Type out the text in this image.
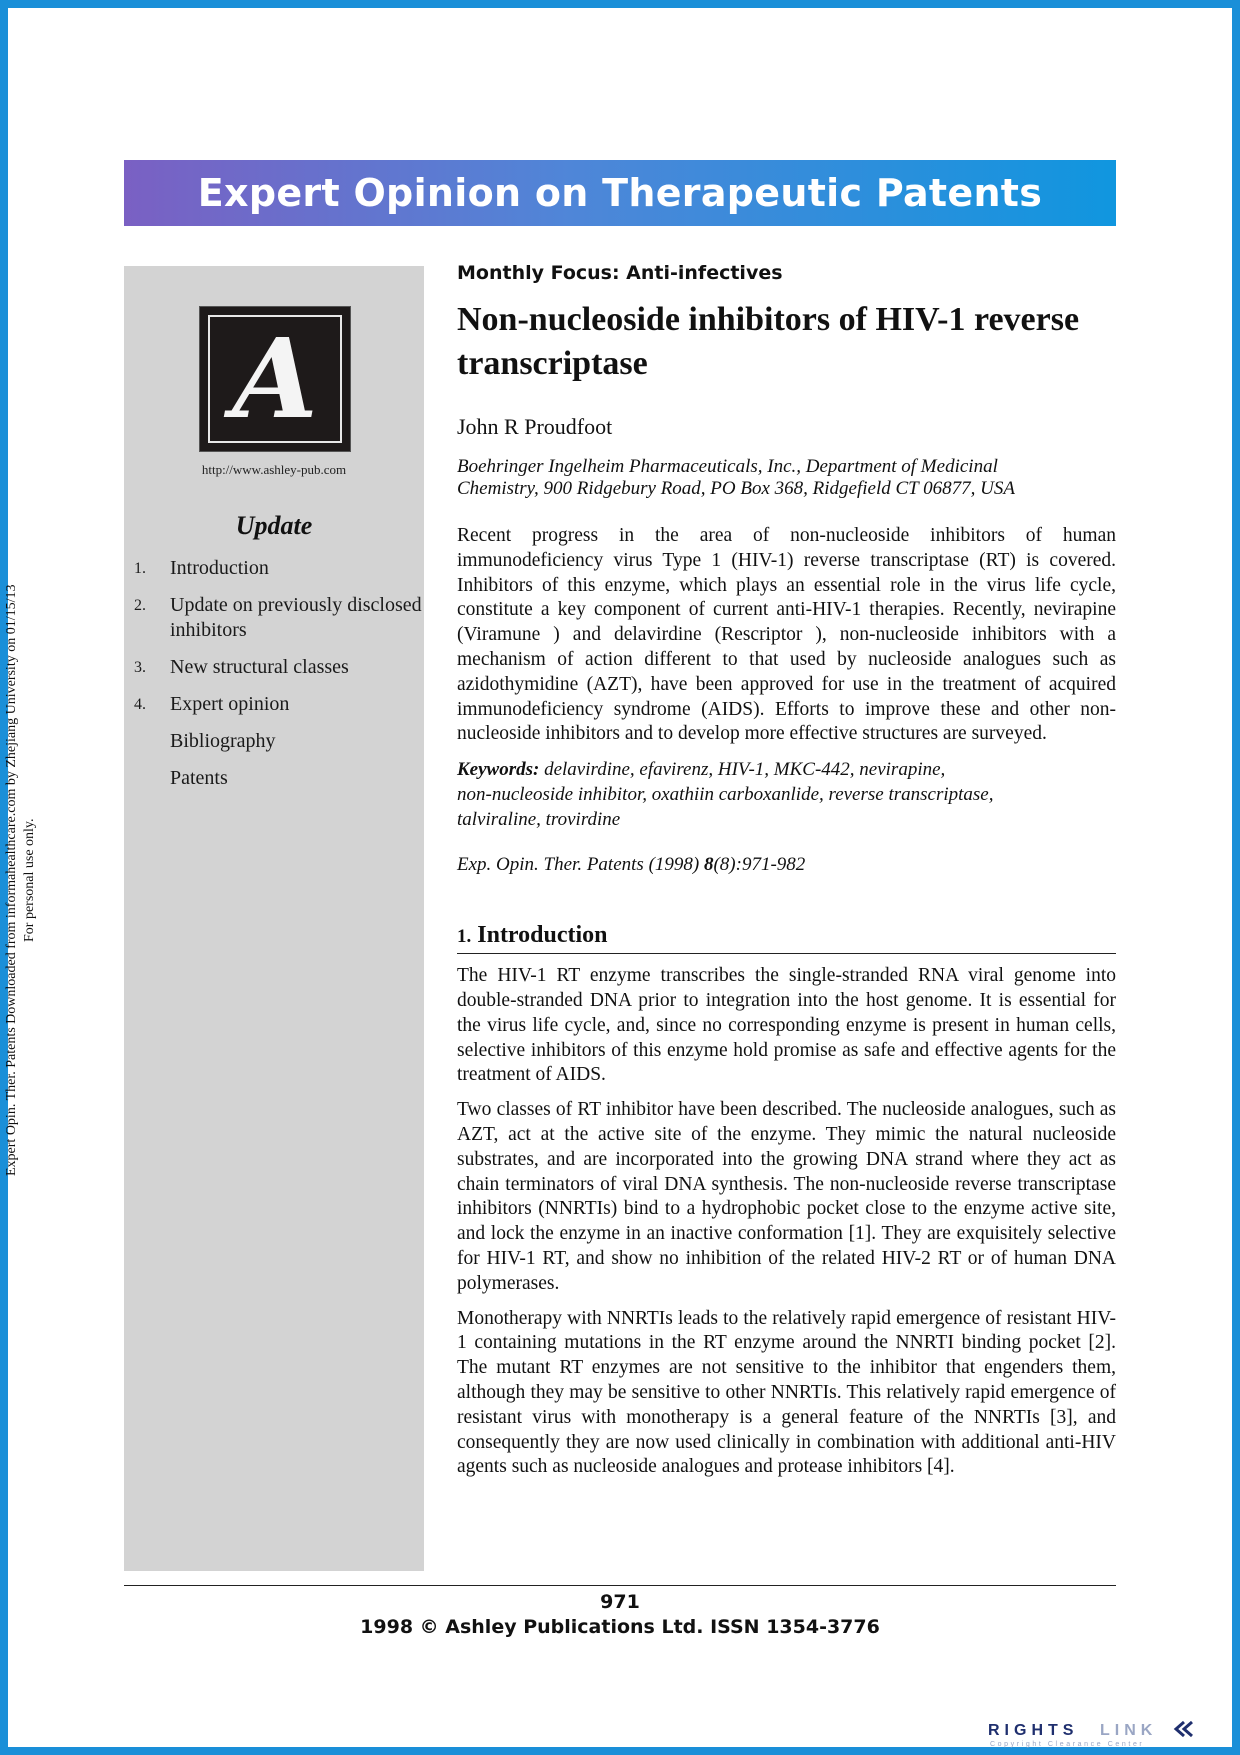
Expert Opin. Ther. Patents Downloaded from informahealthcare.com by Zhejiang University on 01/15/13 For personal use only.
Expert Opinion on Therapeutic Patents
A
http://www.ashley-pub.com
Update
1.	Introduction
2.	Update on previously disclosed inhibitors
3.	New structural classes
4.	Expert opinion
Bibliography
Patents
Monthly Focus: Anti-infectives
Non-nucleoside inhibitors of HIV-1 reverse transcriptase
John R Proudfoot
Boehringer Ingelheim Pharmaceuticals, Inc., Department of Medicinal
Chemistry, 900 Ridgebury Road, PO Box 368, Ridgefield CT 06877, USA
Recent progress in the area of non-nucleoside inhibitors of human immunodeficiency virus Type 1 (HIV-1) reverse transcriptase (RT) is covered. Inhibitors of this enzyme, which plays an essential role in the virus life cycle, constitute a key component of current anti-HIV-1 therapies. Recently, nevirapine (Viramune ) and delavirdine (Rescriptor ), non-nucleoside inhibitors with a mechanism of action different to that used by nucleoside analogues such as azidothymidine (AZT), have been approved for use in the treatment of acquired immunodeficiency syndrome (AIDS). Efforts to improve these and other non-nucleoside inhibitors and to develop more effective structures are surveyed.
Keywords: delavirdine, efavirenz, HIV-1, MKC-442, nevirapine,
non-nucleoside inhibitor, oxathiin carboxanlide, reverse transcriptase,
talviraline, trovirdine
Exp. Opin. Ther. Patents (1998) 8(8):971-982
1. Introduction
The HIV-1 RT enzyme transcribes the single-stranded RNA viral genome into double-stranded DNA prior to integration into the host genome. It is essential for the virus life cycle, and, since no corresponding enzyme is present in human cells, selective inhibitors of this enzyme hold promise as safe and effective agents for the treatment of AIDS.
Two classes of RT inhibitor have been described. The nucleoside analogues, such as AZT, act at the active site of the enzyme. They mimic the natural nucleoside substrates, and are incorporated into the growing DNA strand where they act as chain terminators of viral DNA synthesis. The non-nucleoside reverse transcriptase inhibitors (NNRTIs) bind to a hydrophobic pocket close to the enzyme active site, and lock the enzyme in an inactive conformation [1]. They are exquisitely selective for HIV-1 RT, and show no inhibition of the related HIV-2 RT or of human DNA polymerases.
Monotherapy with NNRTIs leads to the relatively rapid emergence of resistant HIV-1 containing mutations in the RT enzyme around the NNRTI binding pocket [2]. The mutant RT enzymes are not sensitive to the inhibitor that engenders them, although they may be sensitive to other NNRTIs. This relatively rapid emergence of resistant virus with monotherapy is a general feature of the NNRTIs [3], and consequently they are now used clinically in combination with additional anti-HIV agents such as nucleoside analogues and protease inhibitors [4].
971
1998 © Ashley Publications Ltd. ISSN 1354-3776
RIGHTS LINK
Copyright Clearance Center
